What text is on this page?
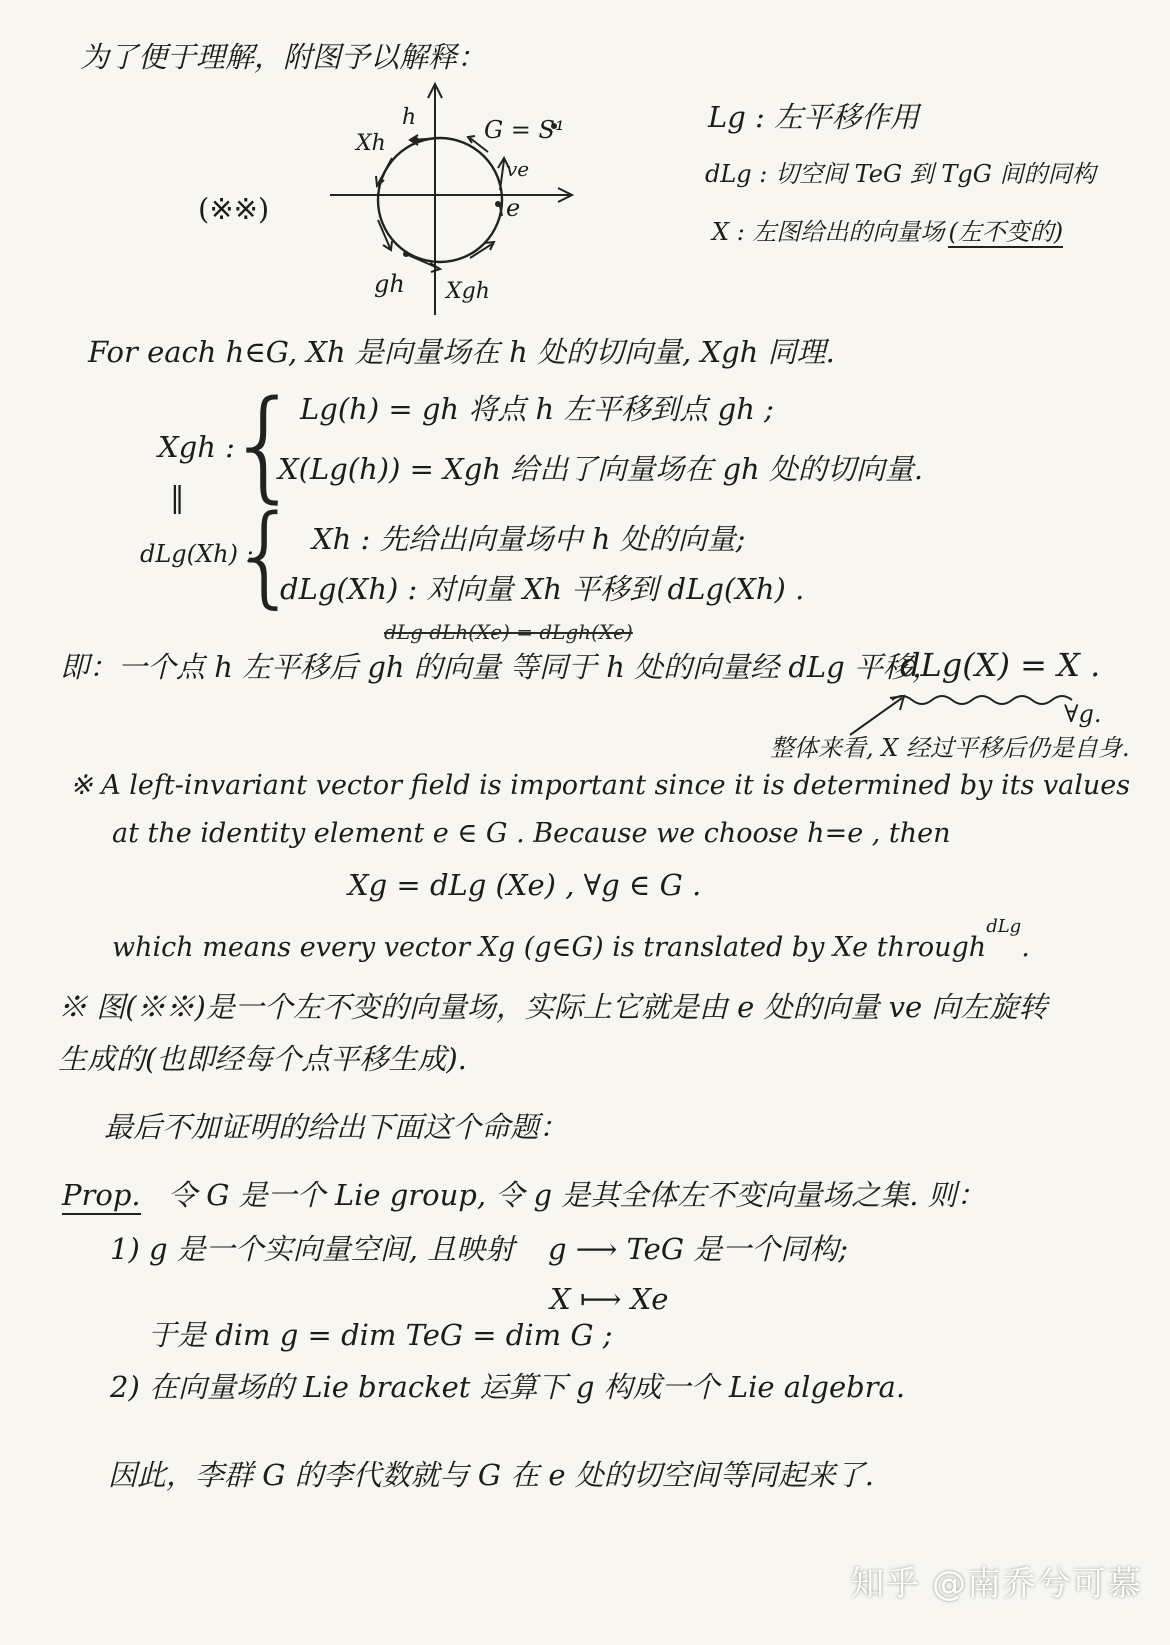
为了便于理解，附图予以解释：
(※※)
h
Xh	G = S¹
ve
e
gh Xgh
Lg : 左平移作用
dLg : 切空间 TeG 到 TgG 间的同构
X : 左图给出的向量场 (左不变的)
For each h∈G, Xh 是向量场在 h 处的切向量, Xgh 同理.
Xgh :
{
Lg(h) = gh 将点 h 左平移到点 gh ;
X(Lg(h)) = Xgh 给出了向量场在 gh 处的切向量.
‖
dLg(Xh) :
{ Xh : 先给出向量场中 h 处的向量;
dLg(Xh) : 对向量 Xh 平移到 dLg(Xh) .
dLg dLh(Xe) = dLgh(Xe)
即：一个点 h 左平移后 gh 的向量 等同于 h 处的向量经 dLg 平移，
dLg(X) = X .
∀g.
整体来看, X 经过平移后仍是自身.
※ A left-invariant vector field is important since it is determined by its values
at the identity element e ∈ G . Because we choose h=e , then
Xg = dLg (Xe) , ∀g ∈ G .
which means every vector Xg (g∈G) is translated by Xe through$^{dLg}$.
※ 图(※※)是一个左不变的向量场，实际上它就是由 e 处的向量 ve 向左旋转
生成的(也即经每个点平移生成).
最后不加证明的给出下面这个命题：
Prop. 令 G 是一个 Lie group, 令 g 是其全体左不变向量场之集. 则：
1) g 是一个实向量空间, 且映射 g ⟶ TeG 是一个同构;
X ⟼ Xe
于是 dim g = dim TeG = dim G ;
2) 在向量场的 Lie bracket 运算下 g 构成一个 Lie algebra.
因此，李群 G 的李代数就与 G 在 e 处的切空间等同起来了.
知乎 @南乔兮可慕
